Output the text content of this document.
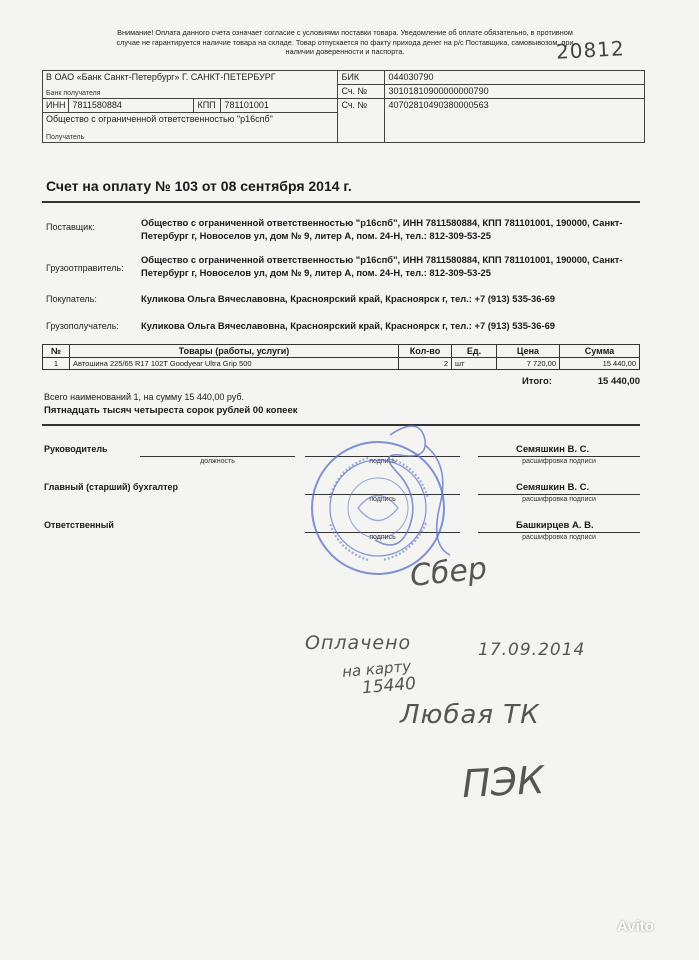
Внимание! Оплата данного счета означает согласие с условиями поставки товара. Уведомление об оплате обязательно, в противном случае не гарантируется наличие товара на складе. Товар отпускается по факту прихода денег на р/с Поставщика, самовывозом, при наличии доверенности и паспорта.	20812
В ОАО «Банк Санкт-Петербург» Г. САНКТ-ПЕТЕРБУРГ				БИК	044030790
Банк получателя				Сч. №	30101810900000000790
ИНН	7811580884	КПП	781101001	Сч. №	40702810490380000563

Общество с ограниченной ответственностью "р16спб"
Получатель					
Счет на оплату № 103 от 08 сентября 2014 г.
Поставщик:	Общество с ограниченной ответственностью "р16спб", ИНН 7811580884, КПП 781101001, 190000, Санкт-Петербург г, Новоселов ул, дом № 9, литер А, пом. 24-Н, тел.: 812-309-53-25
Грузоотправитель:
Общество с ограниченной ответственностью "р16спб", ИНН 7811580884, КПП 781101001, 190000, Санкт-Петербург г, Новоселов ул, дом № 9, литер А, пом. 24-Н, тел.: 812-309-53-25
Покупатель:	Куликова Ольга Вячеславовна, Красноярский край, Красноярск г, тел.: +7 (913) 535-36-69
Грузополучатель: Куликова Ольга Вячеславовна, Красноярский край, Красноярск г, тел.: +7 (913) 535-36-69
№	Товары (работы, услуги)	Кол-во	Ед.	Цена	Сумма
1	Автошина 225/65 R17 102T Goodyear Ultra Grip 500	2	шт	7 720,00	15 440,00
Итого:	15 440,00
Всего наименований 1, на сумму 15 440,00 руб.
Пятнадцать тысяч четыреста сорок рублей 00 копеек
Руководитель
должность	подпись
Семяшкин В. С.
расшифровка подписи
Главный (старший) бухгалтер
подпись
Семяшкин В. С.
расшифровка подписи
Ответственный
подпись
Башкирцев А. В.
расшифровка подписи
Сбер
Оплачено	17.09.2014
на карту
15440
Любая ТК
ПЭК
Avito
